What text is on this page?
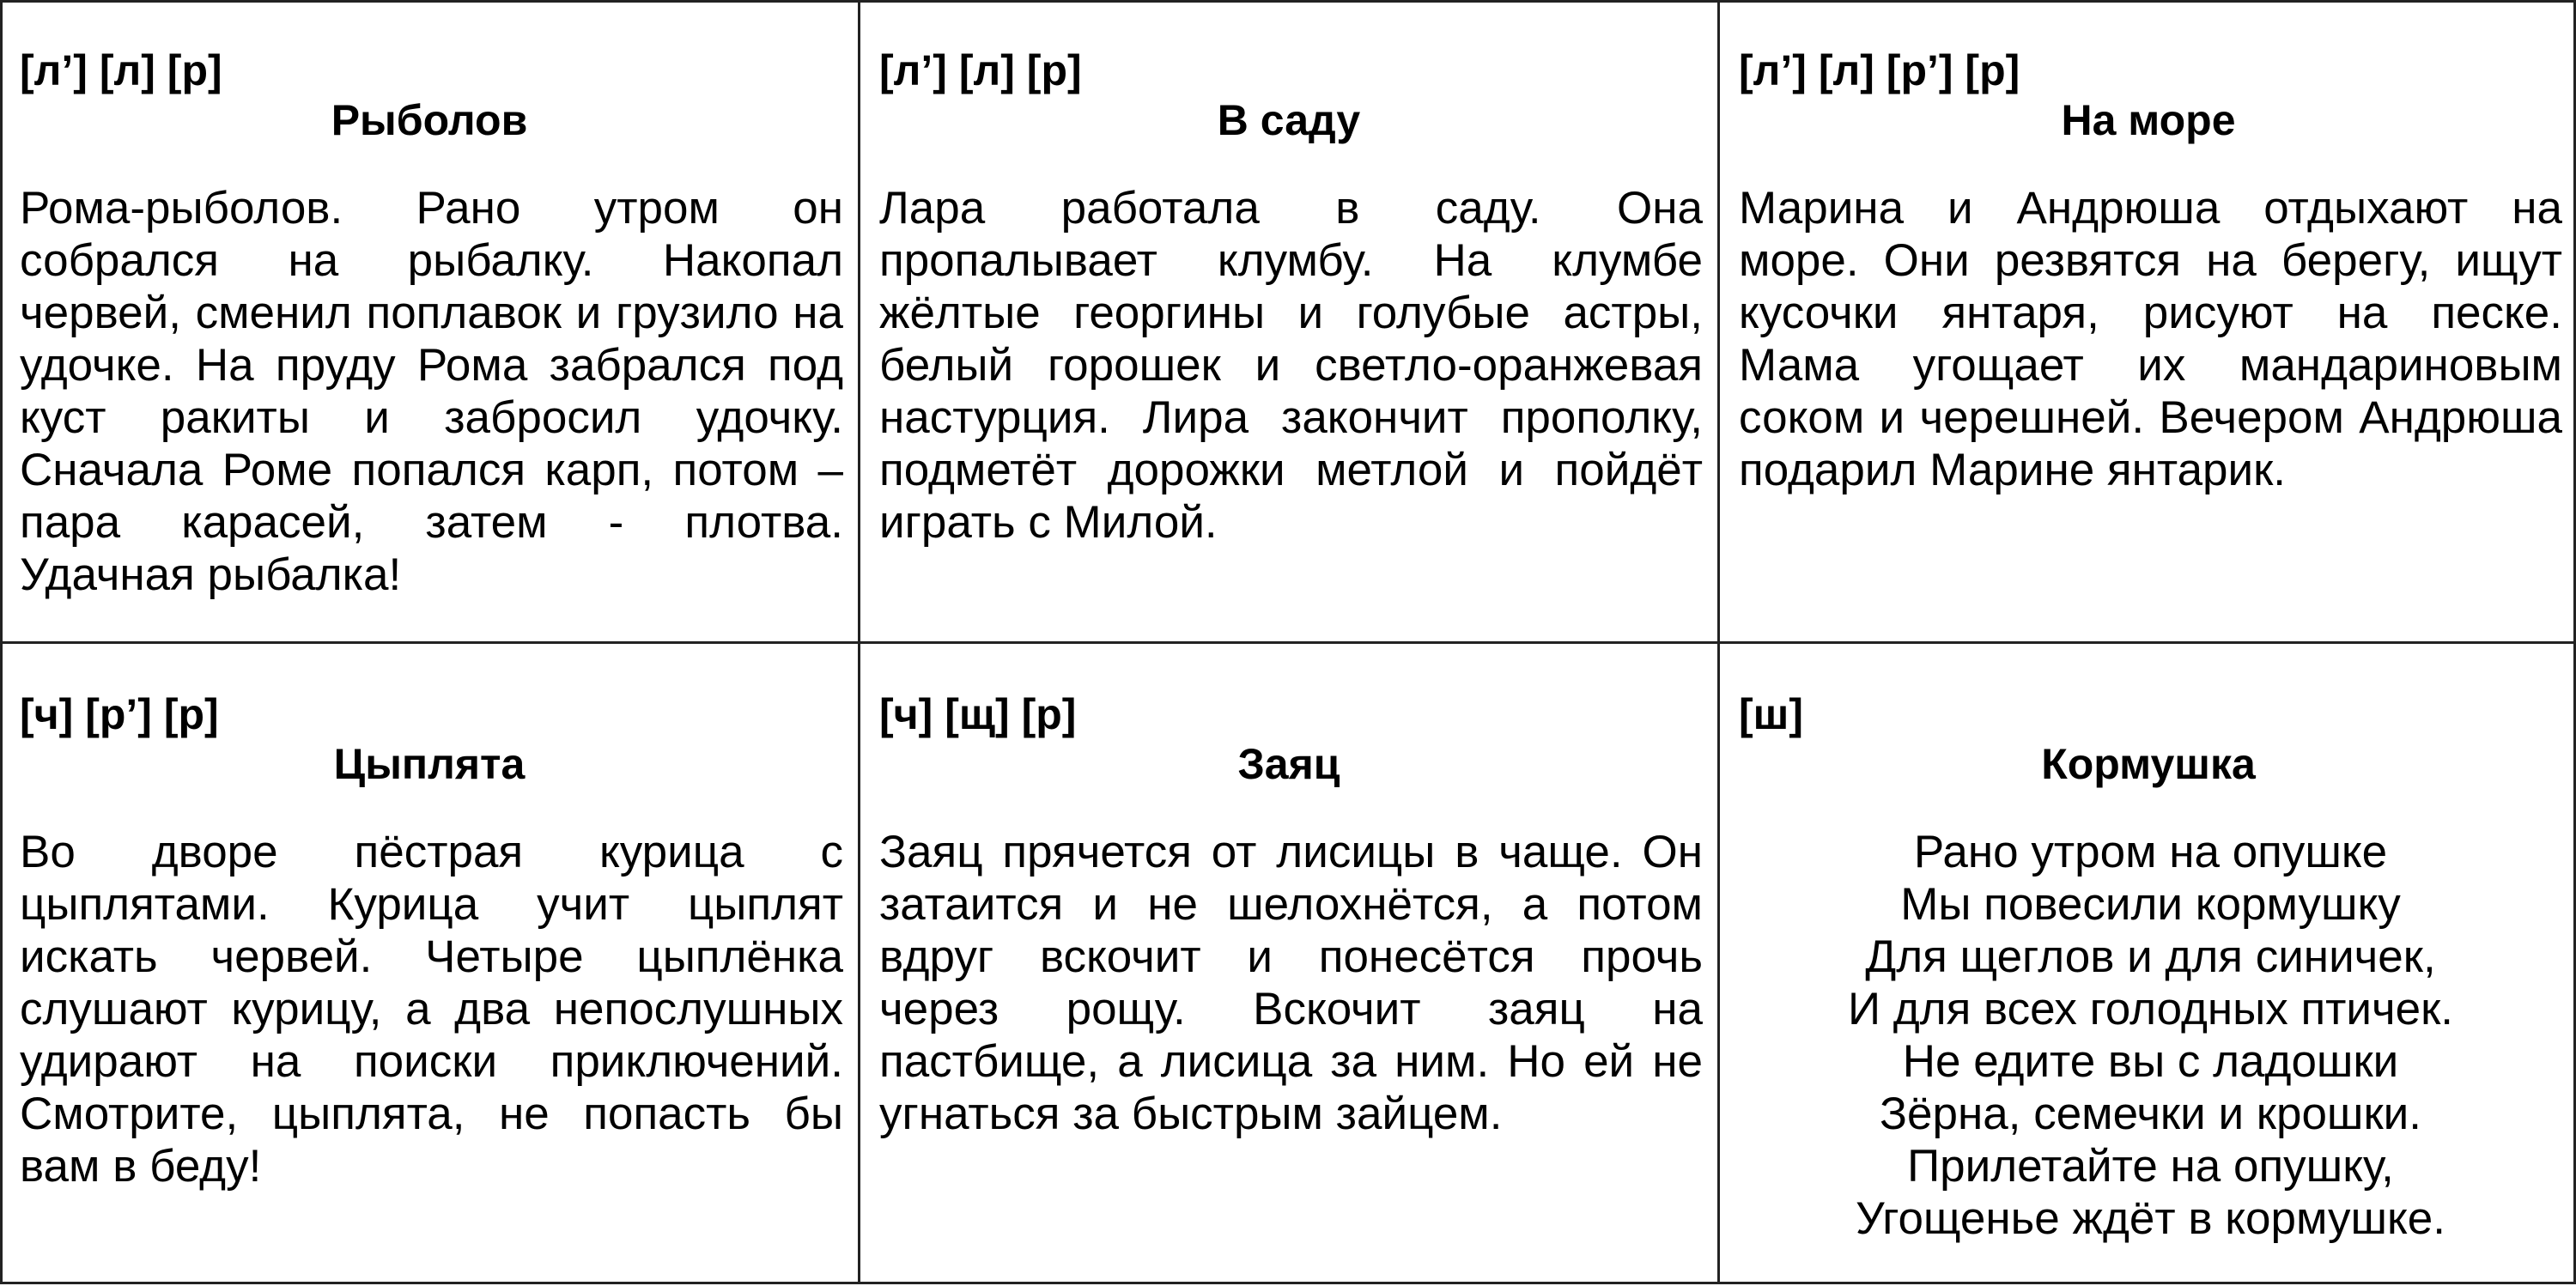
[л’] [л] [р]
Рыболов
Рома-рыболов. Рано утром он
собрался на рыбалку. Накопал
червей, сменил поплавок и грузило на
удочке. На пруду Рома забрался под
куст ракиты и забросил удочку.
Сначала Роме попался карп, потом –
пара карасей, затем - плотва.
Удачная рыбалка!
[л’] [л] [р]
В саду
Лара работала в саду. Она
пропалывает клумбу. На клумбе
жёлтые георгины и голубые астры,
белый горошек и светло-оранжевая
настурция. Лира закончит прополку,
подметёт дорожки метлой и пойдёт
играть с Милой.
[л’] [л] [р’] [р]
На море
Марина и Андрюша отдыхают на
море. Они резвятся на берегу, ищут
кусочки янтаря, рисуют на песке.
Мама угощает их мандариновым
соком и черешней. Вечером Андрюша
подарил Марине янтарик.
[ч] [р’] [р]
Цыплята
Во дворе пёстрая курица с
цыплятами. Курица учит цыплят
искать червей. Четыре цыплёнка
слушают курицу, а два непослушных
удирают на поиски приключений.
Смотрите, цыплята, не попасть бы
вам в беду!
[ч] [щ] [р]
Заяц
Заяц прячется от лисицы в чаще. Он
затаится и не шелохнётся, а потом
вдруг вскочит и понесётся прочь
через рощу. Вскочит заяц на
пастбище, а лисица за ним. Но ей не
угнаться за быстрым зайцем.
[ш]
Кормушка
Рано утром на опушке
Мы повесили кормушку
Для щеглов и для синичек,
И для всех голодных птичек.
Не едите вы с ладошки
Зёрна, семечки и крошки.
Прилетайте на опушку,
Угощенье ждёт в кормушке.
